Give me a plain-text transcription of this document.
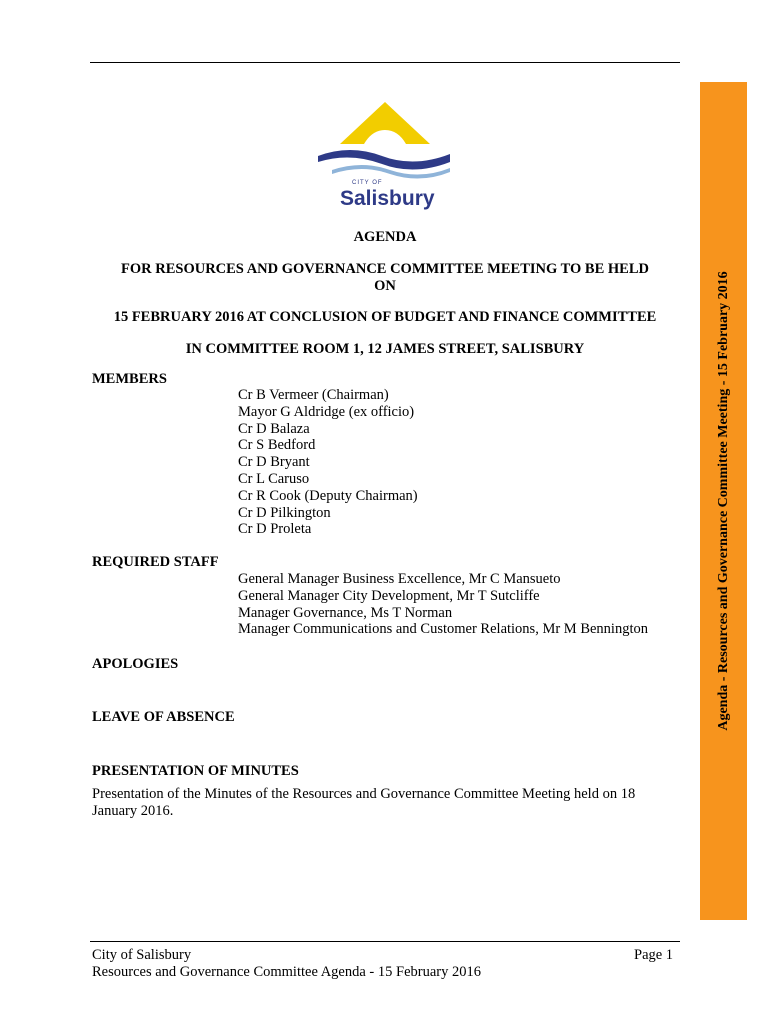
Agenda - Resources and Governance Committee Meeting - 15 February 2016
CITY OF
Salisbury
AGENDA
FOR RESOURCES AND GOVERNANCE COMMITTEE MEETING TO BE HELD
ON
15 FEBRUARY 2016 AT CONCLUSION OF BUDGET AND FINANCE COMMITTEE
IN COMMITTEE ROOM 1, 12 JAMES STREET, SALISBURY
MEMBERS
Cr B Vermeer (Chairman)
Mayor G Aldridge (ex officio)
Cr D Balaza
Cr S Bedford
Cr D Bryant
Cr L Caruso
Cr R Cook (Deputy Chairman)
Cr D Pilkington
Cr D Proleta
REQUIRED STAFF
General Manager Business Excellence, Mr C Mansueto
General Manager City Development, Mr T Sutcliffe
Manager Governance, Ms T Norman
Manager Communications and Customer Relations, Mr M Bennington
APOLOGIES
LEAVE OF ABSENCE
PRESENTATION OF MINUTES
Presentation of the Minutes of the Resources and Governance Committee Meeting held on 18 January 2016.
City of Salisbury
Resources and Governance Committee Agenda - 15 February 2016
Page 1
